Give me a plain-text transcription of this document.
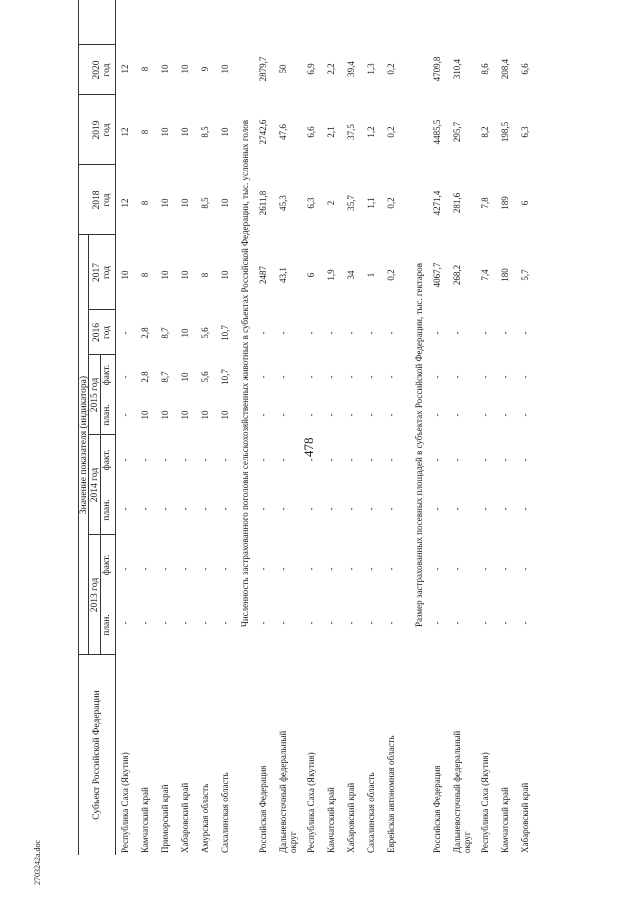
478
2703242a.doc
Субъект Российской Федерации
Значение показателя (индикатора)
2013 год
2014 год
2015 год
2016
год
2017
год
2018
год
2019
год
2020
год
план.
факт.
план.
факт.
план.
факт.
Республика Саха (Якутия)
-
-
-
-
-
-
-
10
12
12
12
Камчатский край
-
-
-
-
10
2,8
2,8
8
8
8
8
Приморский край
-
-
-
-
10
8,7
8,7
10
10
10
10
Хабаровский край
-
-
-
-
10
10
10
10
10
10
10
Амурская область
-
-
-
-
10
5,6
5,6
8
8,5
8,5
9
Сахалинская область
-
-
-
-
10
10,7
10,7
10
10
10
10
Численность застрахованного поголовья сельскохозяйственных животных в субъектах Российской Федерации, тыс. условных голов
Российская Федерация
-
-
-
-
-
-
-
2487
2611,8
2742,6
2879,7
Дальневосточный федеральный округ
-
-
-
-
-
-
-
43,1
45,3
47,6
50
Республика Саха (Якутия)
-
-
-
-
-
-
-
6
6,3
6,6
6,9
Камчатский край
-
-
-
-
-
-
-
1,9
2
2,1
2,2
Хабаровский край
-
-
-
-
-
-
-
34
35,7
37,5
39,4
Сахалинская область
-
-
-
-
-
-
-
1
1,1
1,2
1,3
Еврейская автономная область
-
-
-
-
-
-
-
0,2
0,2
0,2
0,2
Размер застрахованных посевных площадей в субъектах Российской Федерации, тыс. гектаров
Российская Федерация
-
-
-
-
-
-
-
4067,7
4271,4
4485,5
4709,8
Дальневосточный федеральный округ
-
-
-
-
-
-
-
268,2
281,6
295,7
310,4
Республика Саха (Якутия)
-
-
-
-
-
-
-
7,4
7,8
8,2
8,6
Камчатский край
-
-
-
-
-
-
-
180
189
198,5
208,4
Хабаровский край
-
-
-
-
-
-
-
5,7
6
6,3
6,6
